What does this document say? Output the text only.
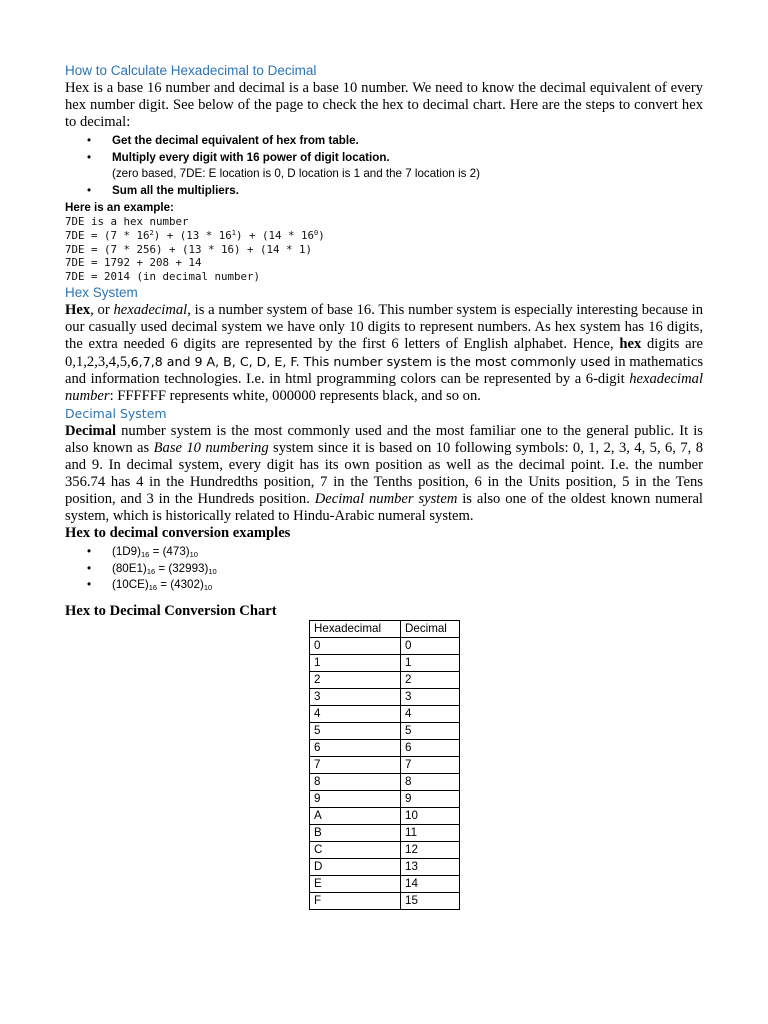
How to Calculate Hexadecimal to Decimal

Hex is a base 16 number and decimal is a base 10 number. We need to know the decimal equivalent of every hex number digit. See below of the page to check the hex to decimal chart. Here are the steps to convert hex to decimal:

• Get the decimal equivalent of hex from table.
• Multiply every digit with 16 power of digit location.
(zero based, 7DE: E location is 0, D location is 1 and the 7 location is 2)
• Sum all the multipliers.
Here is an example:
7DE is a hex number
$7DE = (7 * 16^2) + (13 * 16^1) + (14 * 16^0)$
7DE = (7 * 256) + (13 * 16) + (14 * 1)
7DE = 1792 + 208 + 14
7DE = 2014 (in decimal number)
Hex System

Hex, or hexadecimal, is a number system of base 16. This number system is especially interesting because in our casually used decimal system we have only 10 digits to represent numbers. As hex system has 16 digits, the extra needed 6 digits are represented by the first 6 letters of English alphabet. Hence, hex digits are 0,1,2,3,4,5,6,7,8 and 9 A, B, C, D, E, F. This number system is the most commonly used in mathematics and information technologies. I.e. in html programming colors can be represented by a 6-digit hexadecimal number: FFFFFF represents white, 000000 represents black, and so on.

Decimal System

Decimal number system is the most commonly used and the most familiar one to the general public. It is also known as Base 10 numbering system since it is based on 10 following symbols: 0, 1, 2, 3, 4, 5, 6, 7, 8 and 9. In decimal system, every digit has its own position as well as the decimal point. I.e. the number 356.74 has 4 in the Hundredths position, 7 in the Tenths position, 6 in the Units position, 5 in the Tens position, and 3 in the Hundreds position. Decimal number system is also one of the oldest known numeral system, which is historically related to Hindu-Arabic numeral system.

Hex to decimal conversion examples

• $(1D9)_{16} = (473)_{10}$
• $(80E1)_{16} = (32993)_{10}$
• $(10CE)_{16} = (4302)_{10}$
Hex to Decimal Conversion Chart
Hexadecimal	Decimal
0	0
1	1
2	2
3	3
4	4
5	5
6	6
7	7
8	8
9	9
A	10
B	11
C	12
D	13
E	14
F	15
